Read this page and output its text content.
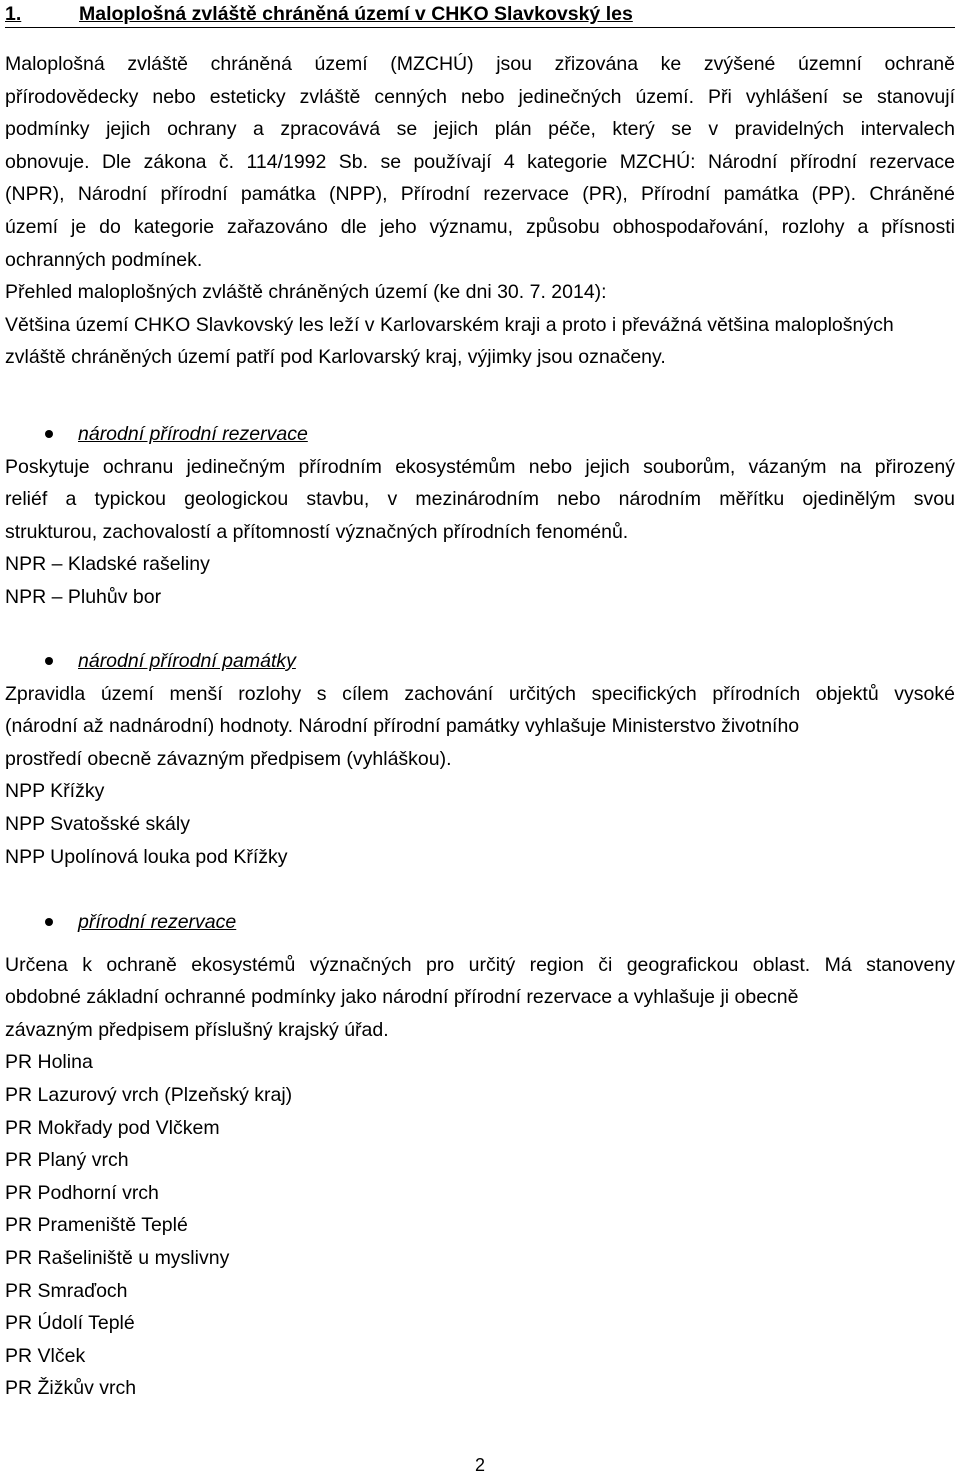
1.	Maloplošná zvláště chráněná území v CHKO Slavkovský les
Maloplošná zvláště chráněná území (MZCHÚ) jsou zřizována ke zvýšené územní ochraně
přírodovědecky nebo esteticky zvláště cenných nebo jedinečných území. Při vyhlášení se stanovují
podmínky jejich ochrany a zpracovává se jejich plán péče, který se v pravidelných intervalech
obnovuje. Dle zákona č. 114/1992 Sb. se používají 4 kategorie MZCHÚ: Národní přírodní rezervace
(NPR), Národní přírodní památka (NPP), Přírodní rezervace (PR), Přírodní památka (PP). Chráněné
území je do kategorie zařazováno dle jeho významu, způsobu obhospodařování, rozlohy a přísnosti
ochranných podmínek.
Přehled maloplošných zvláště chráněných území (ke dni 30. 7. 2014):
Většina území CHKO Slavkovský les leží v Karlovarském kraji a proto i převážná většina maloplošných
zvláště chráněných území patří pod Karlovarský kraj, výjimky jsou označeny.
národní přírodní rezervace
Poskytuje ochranu jedinečným přírodním ekosystémům nebo jejich souborům, vázaným na přirozený
reliéf a typickou geologickou stavbu, v mezinárodním nebo národním měřítku ojedinělým svou
strukturou, zachovalostí a přítomností význačných přírodních fenoménů.
NPR – Kladské rašeliny
NPR – Pluhův bor
národní přírodní památky
Zpravidla území menší rozlohy s cílem zachování určitých specifických přírodních objektů vysoké
(národní až nadnárodní) hodnoty. Národní přírodní památky vyhlašuje Ministerstvo životního
prostředí obecně závazným předpisem (vyhláškou).
NPP Křížky
NPP Svatošské skály
NPP Upolínová louka pod Křížky
přírodní rezervace
Určena k ochraně ekosystémů význačných pro určitý region či geografickou oblast. Má stanoveny
obdobné základní ochranné podmínky jako národní přírodní rezervace a vyhlašuje ji obecně
závazným předpisem příslušný krajský úřad.
PR Holina
PR Lazurový vrch (Plzeňský kraj)
PR Mokřady pod Vlčkem
PR Planý vrch
PR Podhorní vrch
PR Prameniště Teplé
PR Rašeliniště u myslivny
PR Smraďoch
PR Údolí Teplé
PR Vlček
PR Žižkův vrch
2
